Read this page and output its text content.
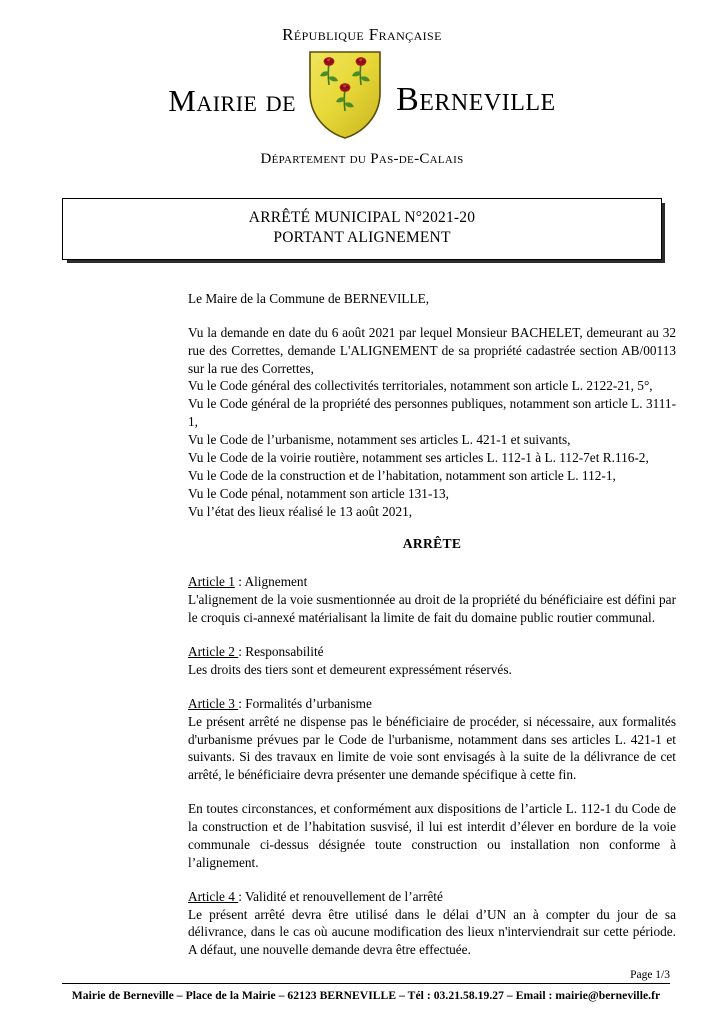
République Française
Mairie de	Berneville
Département du Pas-de-Calais
ARRÊTÉ MUNICIPAL N°2021-20
PORTANT ALIGNEMENT

Le Maire de la Commune de BERNEVILLE,

Vu la demande en date du 6 août 2021 par lequel Monsieur BACHELET, demeurant au 32 rue des Correttes, demande L'ALIGNEMENT de sa propriété cadastrée section AB/00113 sur la rue des Correttes,

Vu le Code général des collectivités territoriales, notamment son article L. 2122-21, 5°,

Vu le Code général de la propriété des personnes publiques, notamment son article L. 3111-1,

Vu le Code de l’urbanisme, notamment ses articles L. 421-1 et suivants,

Vu le Code de la voirie routière, notamment ses articles L. 112-1 à L. 112-7et R.116-2,

Vu le Code de la construction et de l’habitation, notamment son article L. 112-1,

Vu le Code pénal, notamment son article 131-13,

Vu l’état des lieux réalisé le 13 août 2021,

ARRÊTE
Article 1 : Alignement

L'alignement de la voie susmentionnée au droit de la propriété du bénéficiaire est défini par le croquis ci-annexé matérialisant la limite de fait du domaine public routier communal.

Article 2 : Responsabilité

Les droits des tiers sont et demeurent expressément réservés.

Article 3 : Formalités d’urbanisme

Le présent arrêté ne dispense pas le bénéficiaire de procéder, si nécessaire, aux formalités d'urbanisme prévues par le Code de l'urbanisme, notamment dans ses articles L. 421-1 et suivants. Si des travaux en limite de voie sont envisagés à la suite de la délivrance de cet arrêté, le bénéficiaire devra présenter une demande spécifique à cette fin.

En toutes circonstances, et conformément aux dispositions de l’article L. 112-1 du Code de la construction et de l’habitation susvisé, il lui est interdit d’élever en bordure de la voie communale ci-dessus désignée toute construction ou installation non conforme à l’alignement.

Article 4 : Validité et renouvellement de l’arrêté

Le présent arrêté devra être utilisé dans le délai d’UN an à compter du jour de sa délivrance, dans le cas où aucune modification des lieux n'interviendrait sur cette période. A défaut, une nouvelle demande devra être effectuée.

Page 1/3
Mairie de Berneville – Place de la Mairie – 62123 BERNEVILLE – Tél : 03.21.58.19.27 – Email : mairie@berneville.fr
